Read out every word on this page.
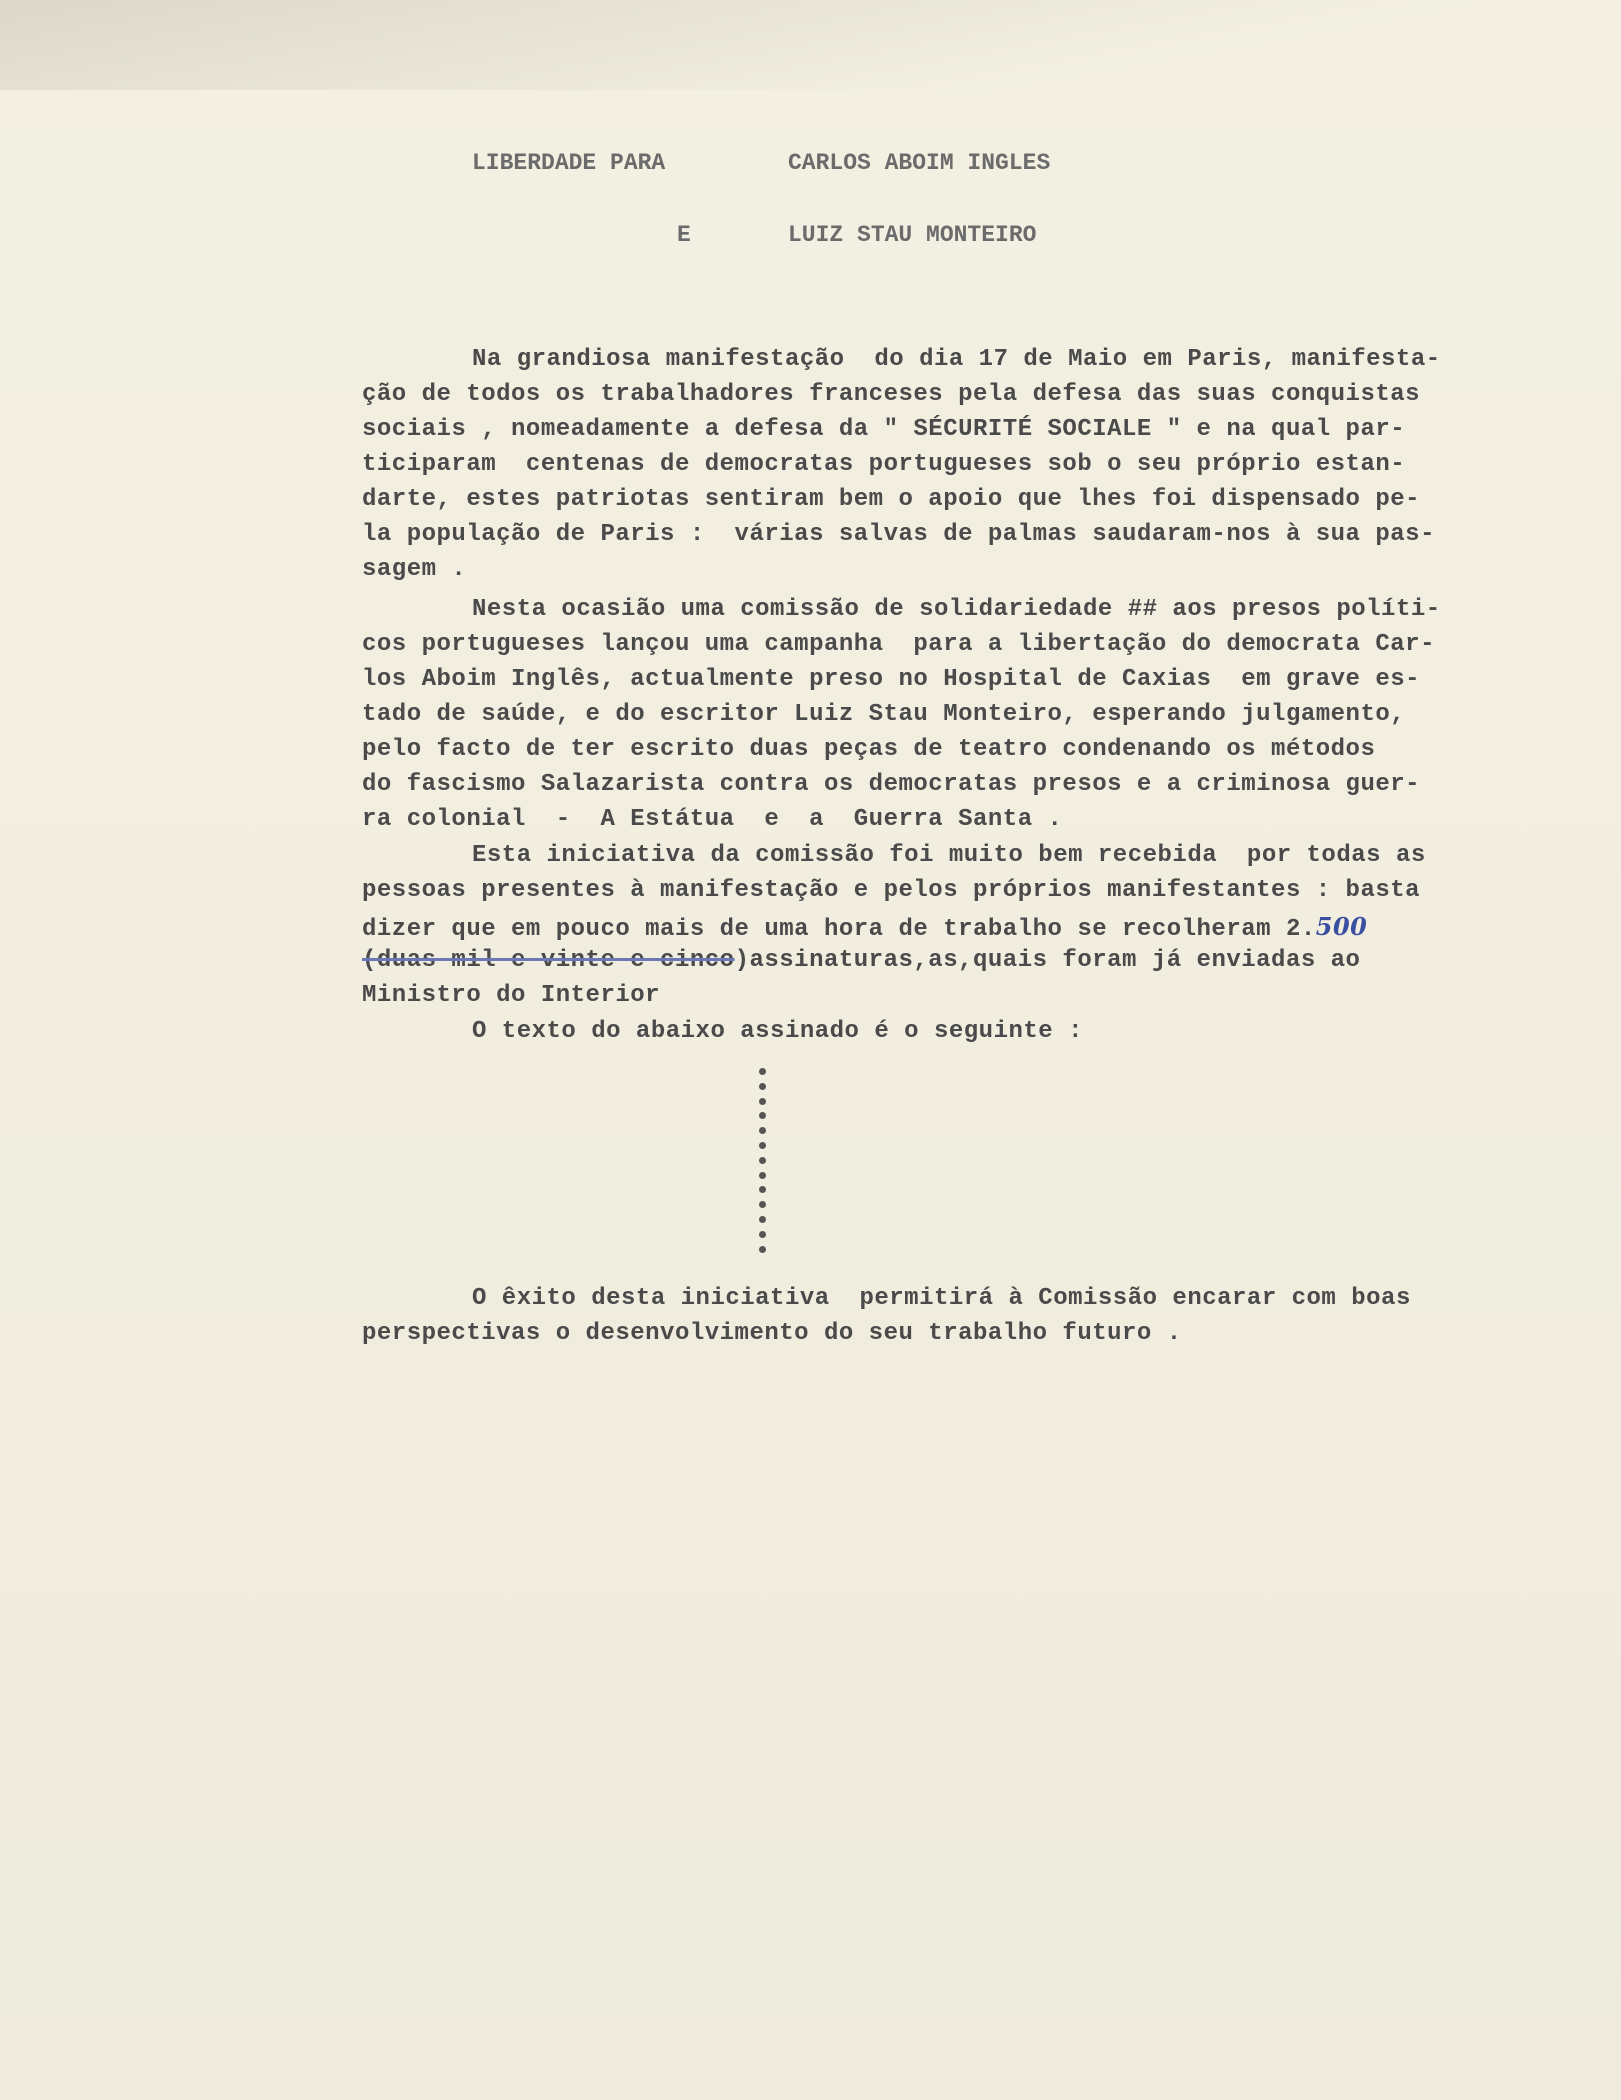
LIBERDADE PARA	CARLOS ABOIM INGLES
E	LUIZ STAU MONTEIRO
Na grandiosa manifestação  do dia 17 de Maio em Paris, manifesta-
ção de todos os trabalhadores franceses pela defesa das suas conquistas
sociais , nomeadamente a defesa da " SÉCURITÉ SOCIALE " e na qual par-
ticiparam  centenas de democratas portugueses sob o seu próprio estan-
darte, estes patriotas sentiram bem o apoio que lhes foi dispensado pe-
la população de Paris :  várias salvas de palmas saudaram-nos à sua pas-
sagem .
Nesta ocasião uma comissão de solidariedade ## aos presos políti-
cos portugueses lançou uma campanha  para a libertação do democrata Car-
los Aboim Inglês, actualmente preso no Hospital de Caxias  em grave es-
tado de saúde, e do escritor Luiz Stau Monteiro, esperando julgamento,
pelo facto de ter escrito duas peças de teatro condenando os métodos
do fascismo Salazarista contra os democratas presos e a criminosa guer-
ra colonial  -  A Estátua  e  a  Guerra Santa .
Esta iniciativa da comissão foi muito bem recebida  por todas as
pessoas presentes à manifestação e pelos próprios manifestantes : basta
dizer que em pouco mais de uma hora de trabalho se recolheram 2.500
(duas mil e vinte e cinco)assinaturas,as,quais foram já enviadas ao
Ministro do Interior
O texto do abaixo assinado é o seguinte :
O êxito desta iniciativa  permitirá à Comissão encarar com boas
perspectivas o desenvolvimento do seu trabalho futuro .
